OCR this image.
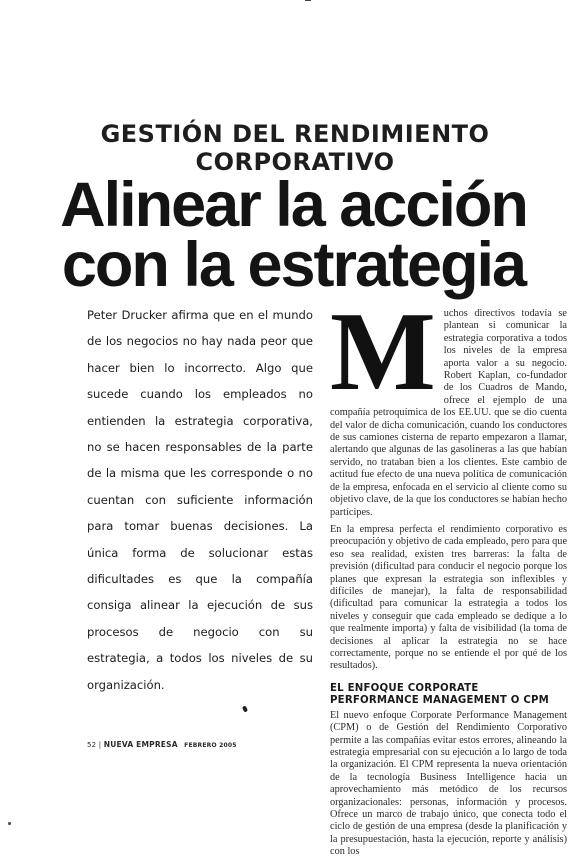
GESTIÓN DEL RENDIMIENTO
CORPORATIVO
Alinear la acción
con la estrategia
Peter Drucker afirma que en el mundo de los negocios no hay nada peor que hacer bien lo incorrecto. Algo que sucede cuando los empleados no entienden la estrategia corporativa, no se hacen responsables de la parte de la misma que les corresponde o no cuentan con suficiente información para tomar buenas decisiones. La única forma de solucionar estas dificultades es que la compañía consiga alinear la ejecución de sus procesos de negocio con su estrategia, a todos los niveles de su organización.

Muchos directivos todavía se plantean si comunicar la estrategia corporativa a todos los niveles de la empresa aporta valor a su negocio. Robert Kaplan, co-fundador de los Cuadros de Mando, ofrece el ejemplo de una compañía petroquímica de los EE.UU. que se dio cuenta del valor de dicha comunicación, cuando los conductores de sus camiones cisterna de reparto empezaron a llamar, alertando que algunas de las gasolineras a las que habían servido, no trataban bien a los clientes. Este cambio de actitud fue efecto de una nueva política de comunicación de la empresa, enfocada en el servicio al cliente como su objetivo clave, de la que los conductores se habían hecho partícipes.

En la empresa perfecta el rendimiento corporativo es preocupación y objetivo de cada empleado, pero para que eso sea realidad, existen tres barreras: la falta de previsión (dificultad para conducir el negocio porque los planes que expresan la estrategia son inflexibles y difíciles de manejar), la falta de responsabilidad (dificultad para comunicar la estrategia a todos los niveles y conseguir que cada empleado se dedique a lo que realmente importa) y falta de visibilidad (la toma de decisiones al aplicar la estrategia no se hace correctamente, porque no se entiende el por qué de los resultados).

EL ENFOQUE CORPORATE PERFORMANCE MANAGEMENT O CPM

El nuevo enfoque Corporate Performance Management (CPM) o de Gestión del Rendimiento Corporativo permite a las compañías evitar estos errores, alineando la estrategia empresarial con su ejecución a lo largo de toda la organización. El CPM representa la nueva orientación de la tecnología Business Intelligence hacia un aprovechamiento más metódico de los recursos organizacionales: personas, información y procesos. Ofrece un marco de trabajo único, que conecta todo el ciclo de gestión de una empresa (desde la planificación y la presupuestación, hasta la ejecución, reporte y análisis) con los

52 | NUEVA EMPRESA FEBRERO 2005
